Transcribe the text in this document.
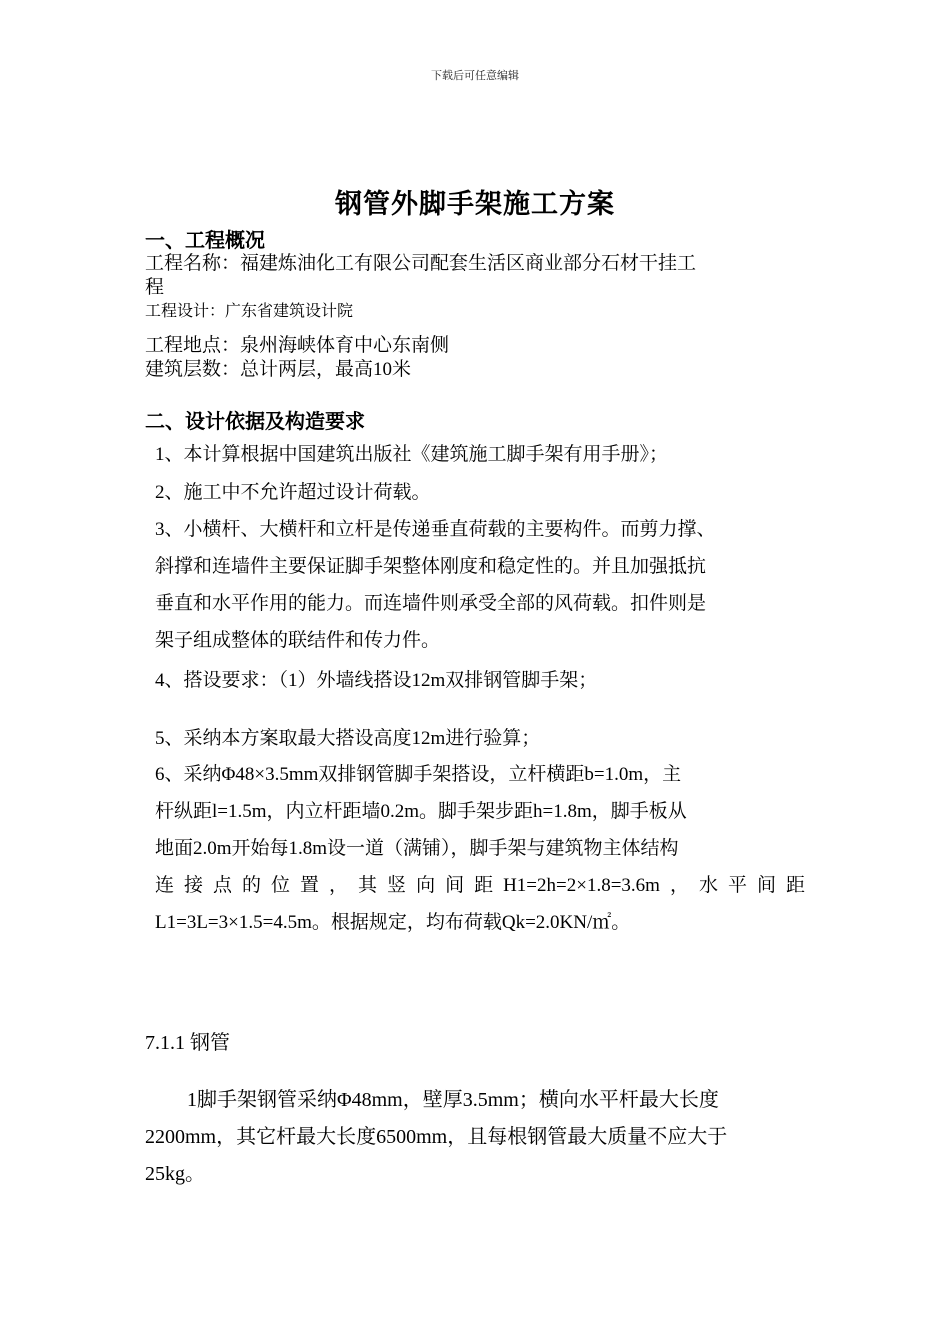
下载后可任意编辑
钢管外脚手架施工方案
一、工程概况
工程名称：福建炼油化工有限公司配套生活区商业部分石材干挂工
程
工程设计：广东省建筑设计院
工程地点：泉州海峡体育中心东南侧
建筑层数：总计两层，最高10米
二、设计依据及构造要求
1、本计算根据中国建筑出版社《建筑施工脚手架有用手册》；
2、施工中不允许超过设计荷载。
3、小横杆、大横杆和立杆是传递垂直荷载的主要构件。而剪力撑、
斜撑和连墙件主要保证脚手架整体刚度和稳定性的。并且加强抵抗
垂直和水平作用的能力。而连墙件则承受全部的风荷载。扣件则是
架子组成整体的联结件和传力件。
4、搭设要求：（1）外墙线搭设12m双排钢管脚手架；
5、采纳本方案取最大搭设高度12m进行验算；
6、采纳Φ48×3.5mm双排钢管脚手架搭设，立杆横距b=1.0m，主
杆纵距l=1.5m，内立杆距墙0.2m。脚手架步距h=1.8m，脚手板从
地面2.0m开始每1.8m设一道（满铺），脚手架与建筑物主体结构
连接点的位置，其竖向间距H1=2h=2×1.8=3.6m，水平间距
L1=3L=3×1.5=4.5m。根据规定，均布荷载Qk=2.0KN/㎡。
7.1.1 钢管
1脚手架钢管采纳Φ48mm，壁厚3.5mm；横向水平杆最大长度
2200mm，其它杆最大长度6500mm，且每根钢管最大质量不应大于
25kg。
